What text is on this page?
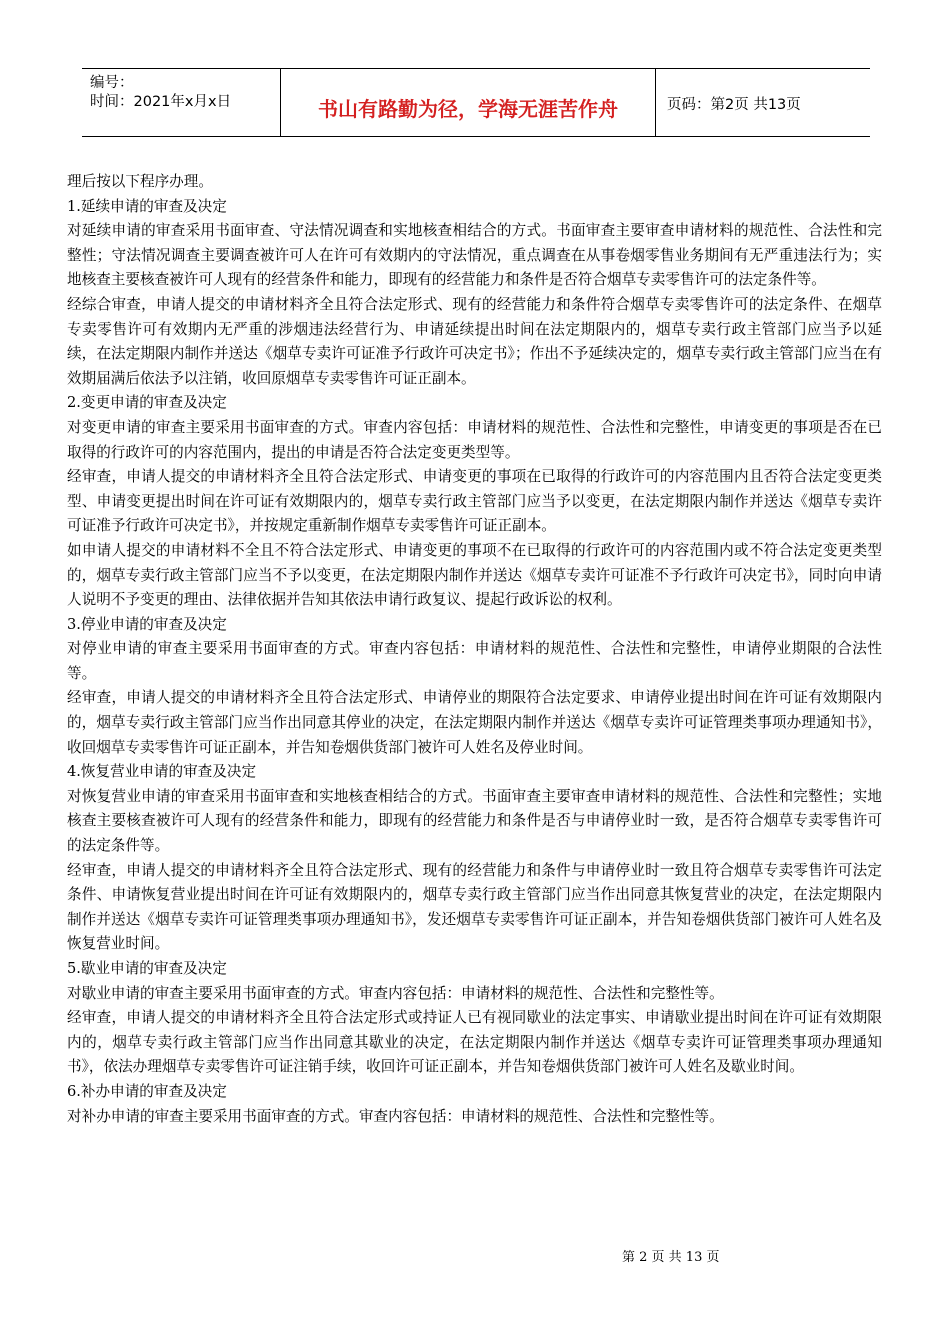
编号：
时间：2021年x月x日	书山有路勤为径，学海无涯苦作舟	页码：第2页 共13页

理后按以下程序办理。

1.延续申请的审查及决定

对延续申请的审查采用书面审查、守法情况调查和实地核查相结合的方式。书面审查主要审查申请材料的规范性、合法性和完整性；守法情况调查主要调查被许可人在许可有效期内的守法情况，重点调查在从事卷烟零售业务期间有无严重违法行为；实地核查主要核查被许可人现有的经营条件和能力，即现有的经营能力和条件是否符合烟草专卖零售许可的法定条件等。

经综合审查，申请人提交的申请材料齐全且符合法定形式、现有的经营能力和条件符合烟草专卖零售许可的法定条件、在烟草专卖零售许可有效期内无严重的涉烟违法经营行为、申请延续提出时间在法定期限内的，烟草专卖行政主管部门应当予以延续，在法定期限内制作并送达《烟草专卖许可证准予行政许可决定书》；作出不予延续决定的，烟草专卖行政主管部门应当在有效期届满后依法予以注销，收回原烟草专卖零售许可证正副本。

2.变更申请的审查及决定

对变更申请的审查主要采用书面审查的方式。审查内容包括：申请材料的规范性、合法性和完整性，申请变更的事项是否在已取得的行政许可的内容范围内，提出的申请是否符合法定变更类型等。

经审查，申请人提交的申请材料齐全且符合法定形式、申请变更的事项在已取得的行政许可的内容范围内且否符合法定变更类型、申请变更提出时间在许可证有效期限内的，烟草专卖行政主管部门应当予以变更，在法定期限内制作并送达《烟草专卖许可证准予行政许可决定书》，并按规定重新制作烟草专卖零售许可证正副本。

如申请人提交的申请材料不全且不符合法定形式、申请变更的事项不在已取得的行政许可的内容范围内或不符合法定变更类型的，烟草专卖行政主管部门应当不予以变更，在法定期限内制作并送达《烟草专卖许可证准不予行政许可决定书》，同时向申请人说明不予变更的理由、法律依据并告知其依法申请行政复议、提起行政诉讼的权利。

3.停业申请的审查及决定

对停业申请的审查主要采用书面审查的方式。审查内容包括：申请材料的规范性、合法性和完整性，申请停业期限的合法性等。

经审查，申请人提交的申请材料齐全且符合法定形式、申请停业的期限符合法定要求、申请停业提出时间在许可证有效期限内的，烟草专卖行政主管部门应当作出同意其停业的决定，在法定期限内制作并送达《烟草专卖许可证管理类事项办理通知书》，收回烟草专卖零售许可证正副本，并告知卷烟供货部门被许可人姓名及停业时间。

4.恢复营业申请的审查及决定

对恢复营业申请的审查采用书面审查和实地核查相结合的方式。书面审查主要审查申请材料的规范性、合法性和完整性；实地核查主要核查被许可人现有的经营条件和能力，即现有的经营能力和条件是否与申请停业时一致，是否符合烟草专卖零售许可的法定条件等。

经审查，申请人提交的申请材料齐全且符合法定形式、现有的经营能力和条件与申请停业时一致且符合烟草专卖零售许可法定条件、申请恢复营业提出时间在许可证有效期限内的，烟草专卖行政主管部门应当作出同意其恢复营业的决定，在法定期限内制作并送达《烟草专卖许可证管理类事项办理通知书》，发还烟草专卖零售许可证正副本，并告知卷烟供货部门被许可人姓名及恢复营业时间。

5.歇业申请的审查及决定

对歇业申请的审查主要采用书面审查的方式。审查内容包括：申请材料的规范性、合法性和完整性等。

经审查，申请人提交的申请材料齐全且符合法定形式或持证人已有视同歇业的法定事实、申请歇业提出时间在许可证有效期限内的，烟草专卖行政主管部门应当作出同意其歇业的决定，在法定期限内制作并送达《烟草专卖许可证管理类事项办理通知书》，依法办理烟草专卖零售许可证注销手续，收回许可证正副本，并告知卷烟供货部门被许可人姓名及歇业时间。

6.补办申请的审查及决定

对补办申请的审查主要采用书面审查的方式。审查内容包括：申请材料的规范性、合法性和完整性等。

第 2 页 共 13 页
